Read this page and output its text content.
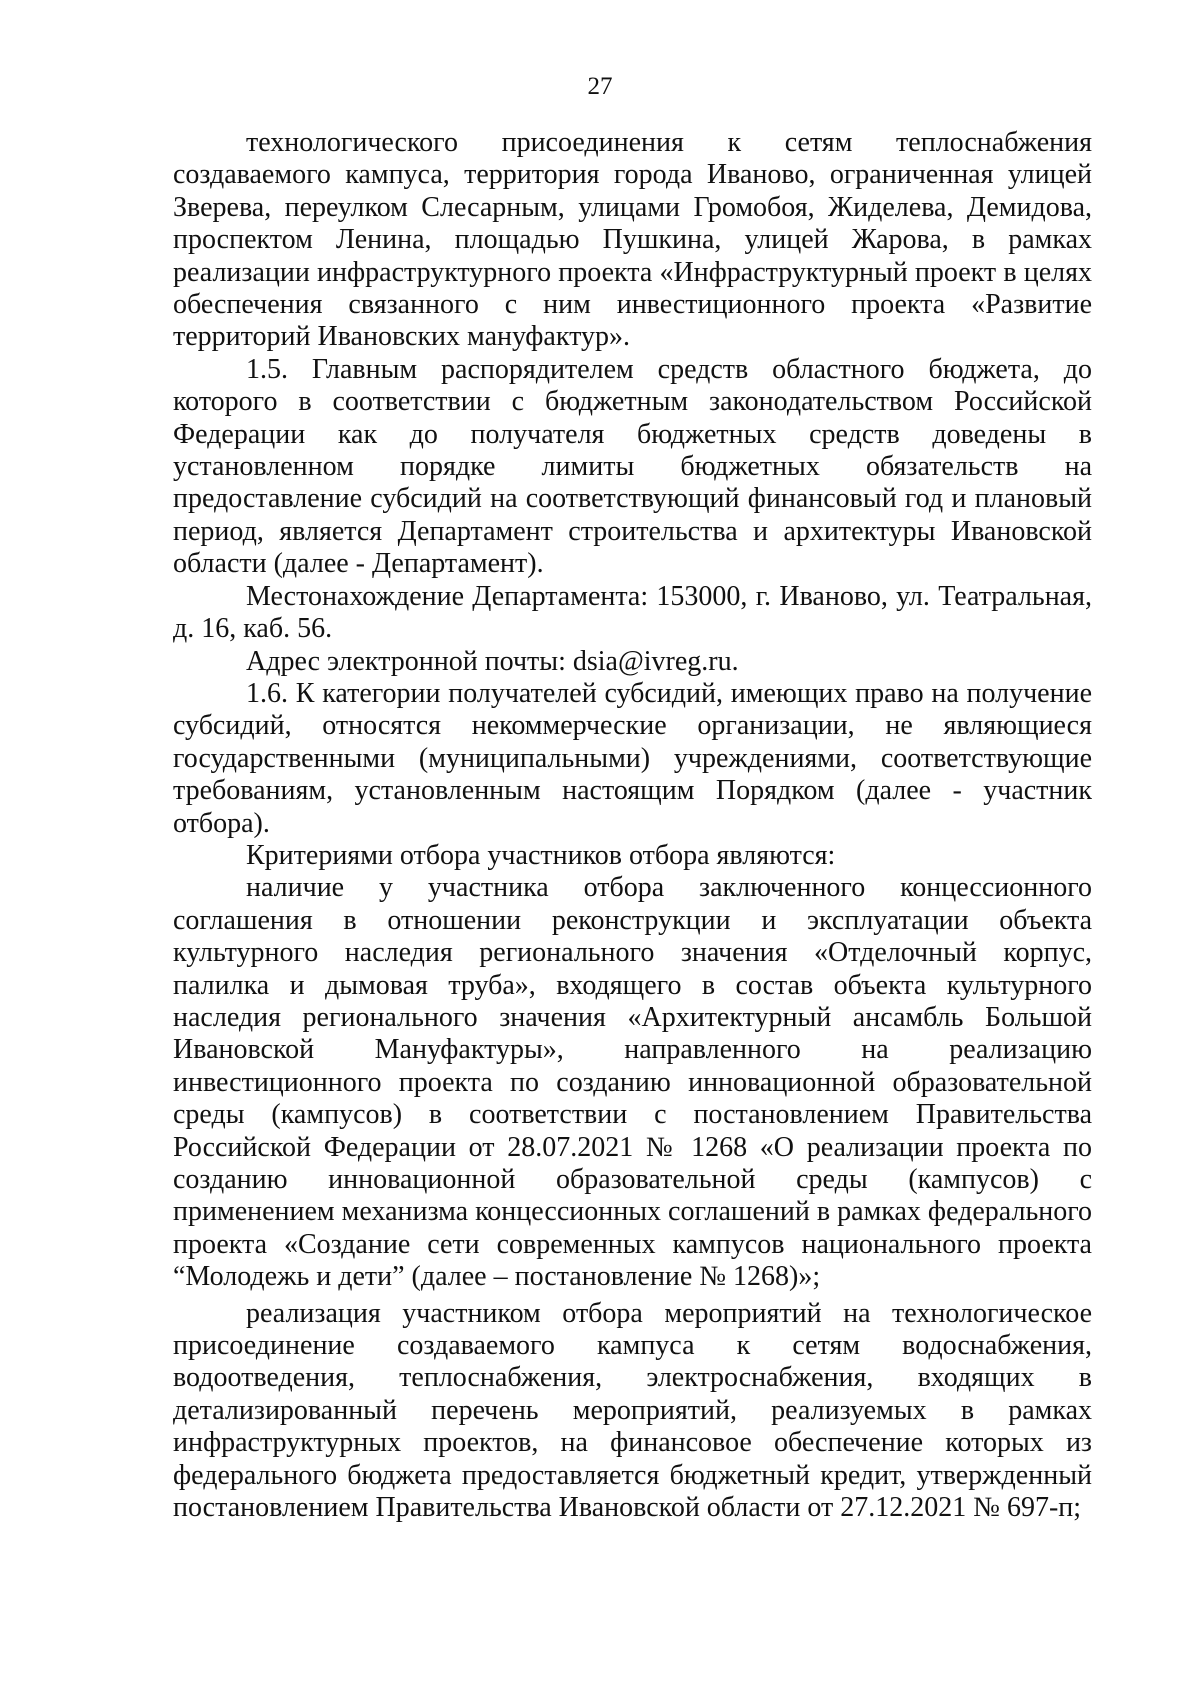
27

технологического присоединения к сетям теплоснабжения создаваемого кампуса, территория города Иваново, ограниченная улицей Зверева, переулком Слесарным, улицами Громобоя, Жиделева, Демидова, проспектом Ленина, площадью Пушкина, улицей Жарова, в рамках реализации инфраструктурного проекта «Инфраструктурный проект в целях обеспечения связанного с ним инвестиционного проекта «Развитие территорий Ивановских мануфактур».

1.5. Главным распорядителем средств областного бюджета, до которого в соответствии с бюджетным законодательством Российской Федерации как до получателя бюджетных средств доведены в установленном порядке лимиты бюджетных обязательств на предоставление субсидий на соответствующий финансовый год и плановый период, является Департамент строительства и архитектуры Ивановской области (далее - Департамент).

Местонахождение Департамента: 153000, г. Иваново, ул. Театральная, д. 16, каб. 56.

Адрес электронной почты: dsia@ivreg.ru.

1.6. К категории получателей субсидий, имеющих право на получение субсидий, относятся некоммерческие организации, не являющиеся государственными (муниципальными) учреждениями, соответствующие требованиям, установленным настоящим Порядком (далее - участник отбора).

Критериями отбора участников отбора являются:

наличие у участника отбора заключенного концессионного соглашения в отношении реконструкции и эксплуатации объекта культурного наследия регионального значения «Отделочный корпус, палилка и дымовая труба», входящего в состав объекта культурного наследия регионального значения «Архитектурный ансамбль Большой Ивановской Мануфактуры», направленного на реализацию инвестиционного проекта по созданию инновационной образовательной среды (кампусов) в соответствии с постановлением Правительства Российской Федерации от 28.07.2021 № 1268 «О реализации проекта по созданию инновационной образовательной среды (кампусов) с применением механизма концессионных соглашений в рамках федерального проекта «Создание сети современных кампусов национального проекта “Молодежь и дети” (далее – постановление № 1268)»;

реализация участником отбора мероприятий на технологическое присоединение создаваемого кампуса к сетям водоснабжения, водоотведения, теплоснабжения, электроснабжения, входящих в детализированный перечень мероприятий, реализуемых в рамках инфраструктурных проектов, на финансовое обеспечение которых из федерального бюджета предоставляется бюджетный кредит, утвержденный постановлением Правительства Ивановской области от 27.12.2021 № 697-п;
